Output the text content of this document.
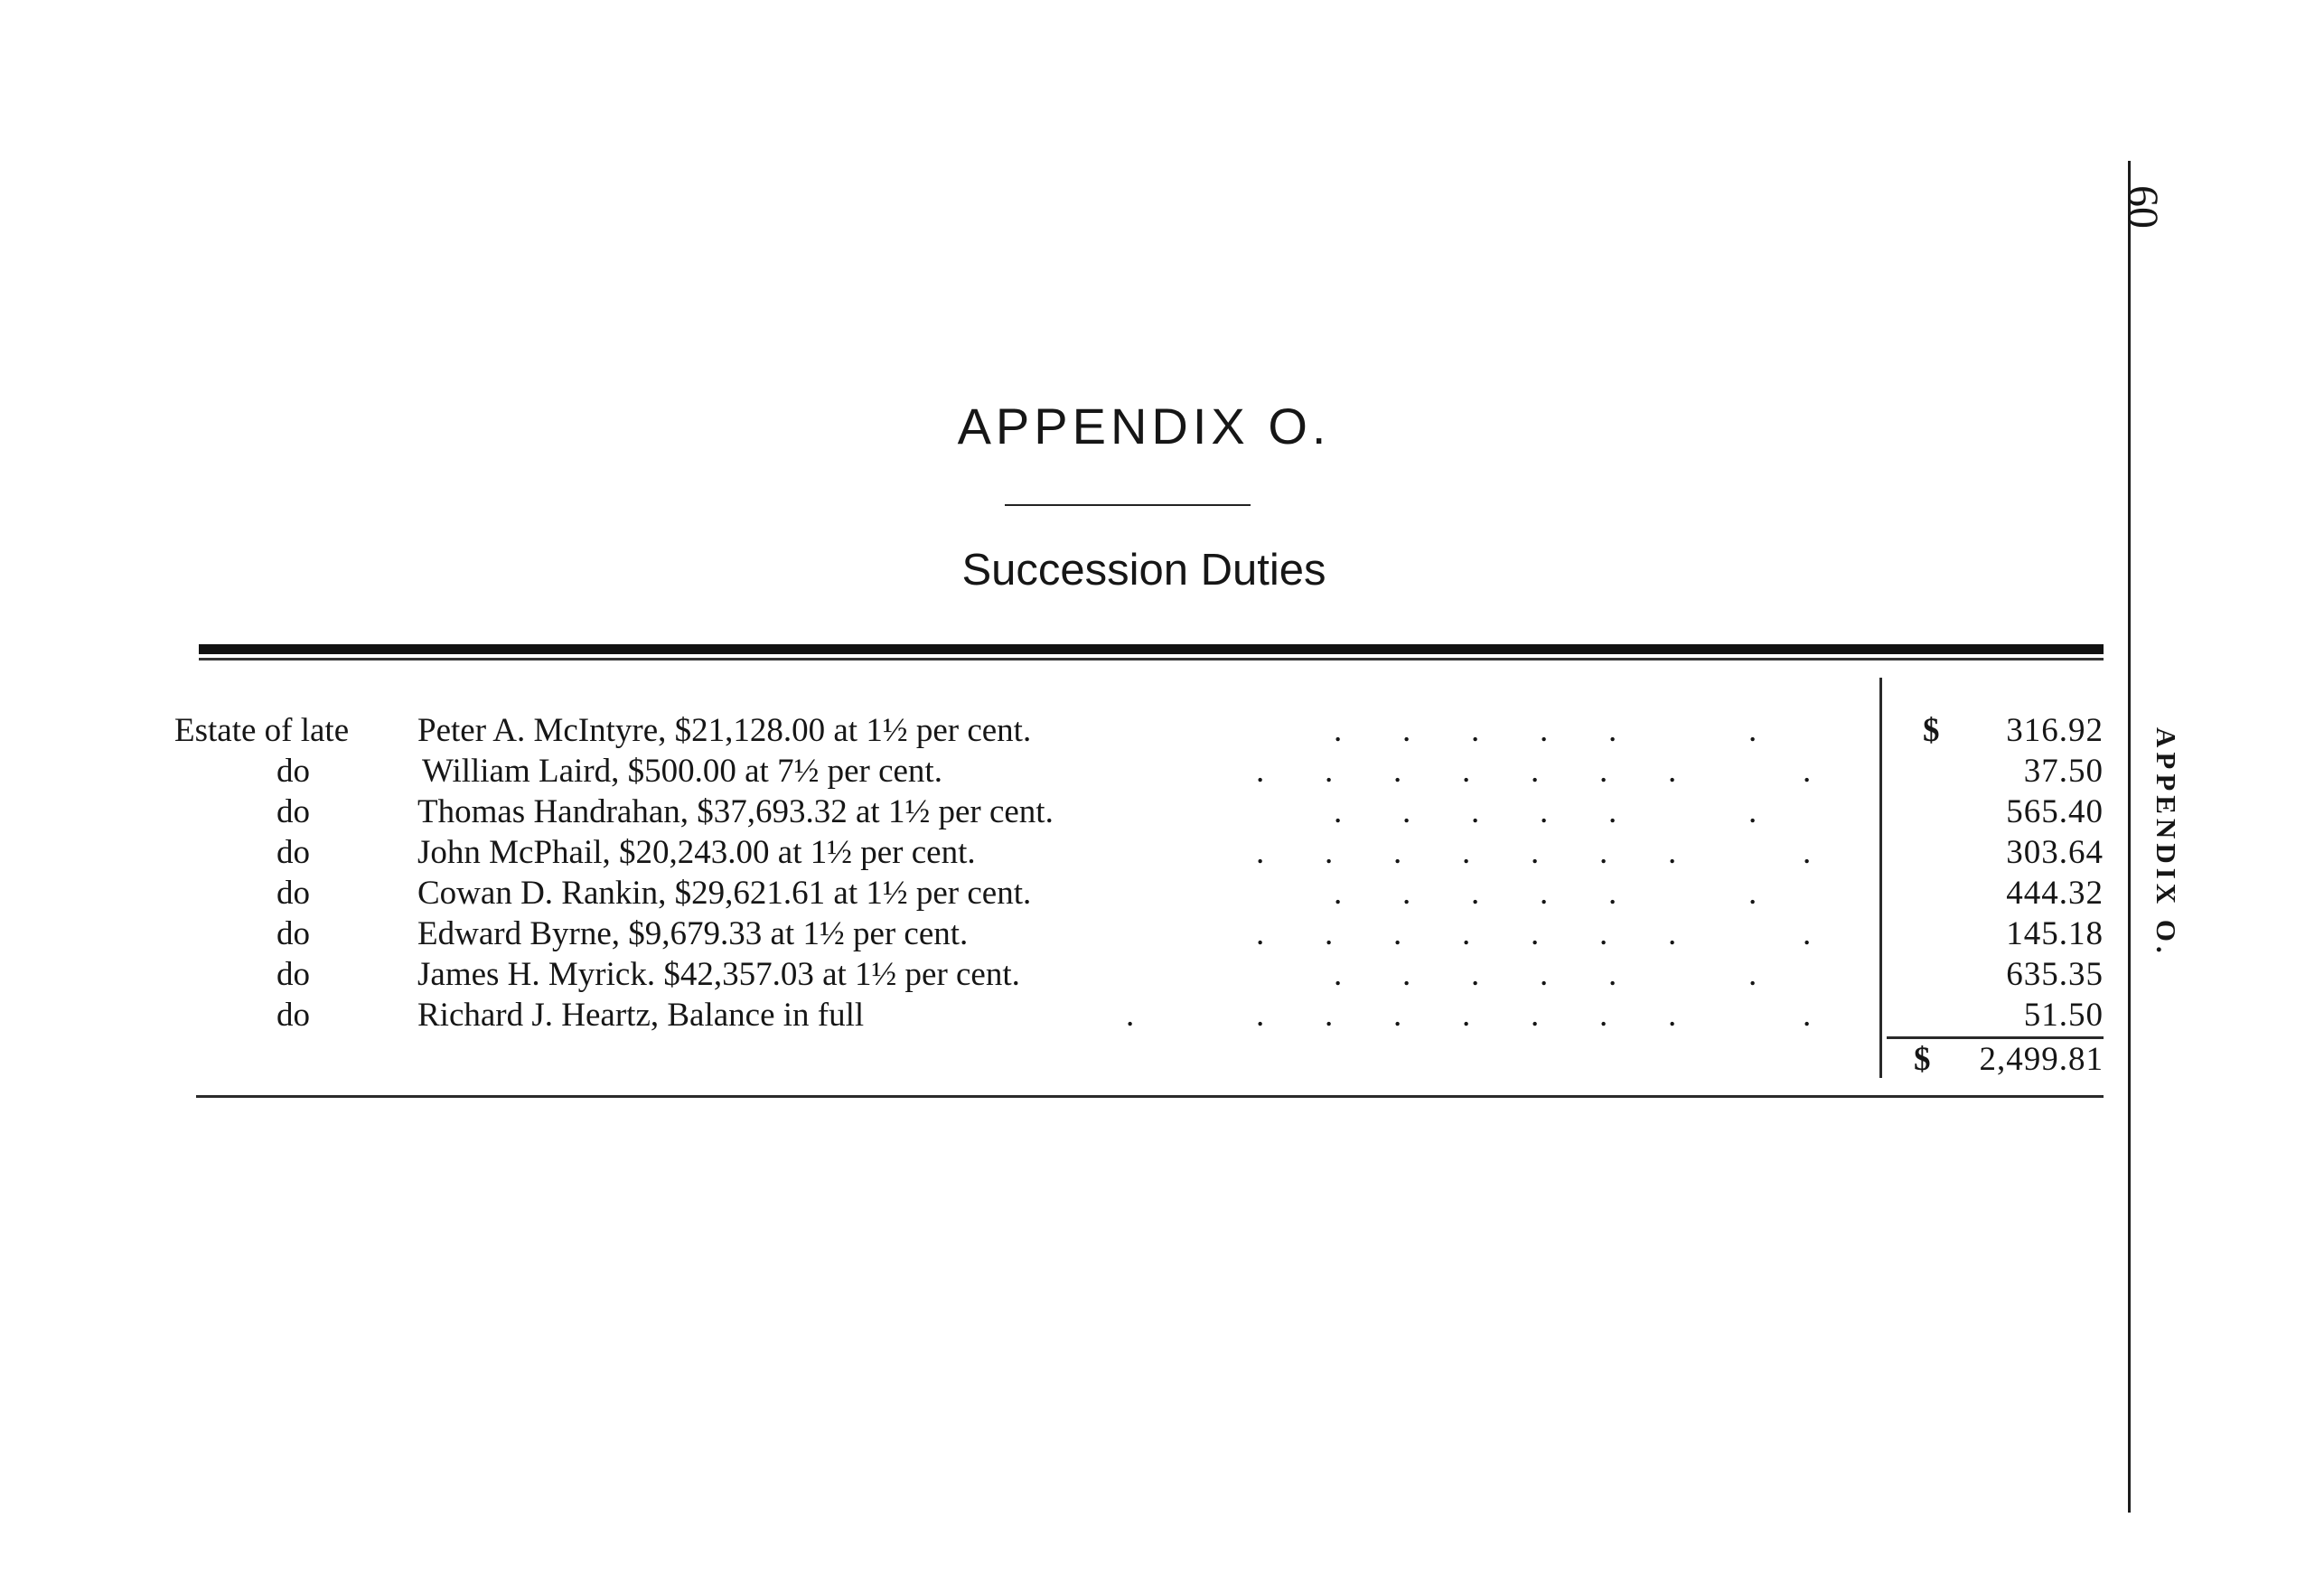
60
APPENDIX O.
APPENDIX O.
Succession Duties
Estate of late Peter A. McIntyre, $21,128.00 at 1½ per cent.	. . . . .	.	$	316.92
do	William Laird, $500.00 at 7½ per cent.	. . . . . . .	.	37.50
do	Thomas Handrahan, $37,693.32 at 1½ per cent.	. . . . .	.	565.40
do	John McPhail, $20,243.00 at 1½ per cent.	. . . . . . .	.	303.64
do	Cowan D. Rankin, $29,621.61 at 1½ per cent.	. . . . .	.	444.32
do	Edward Byrne, $9,679.33 at 1½ per cent.	. . . . . . .	.	145.18
do	James H. Myrick. $42,357.03 at 1½ per cent.	. . . . .	.	635.35
do	Richard J. Heartz, Balance in full	.	. . . . . . .	.	51.50
$	2,499.81
